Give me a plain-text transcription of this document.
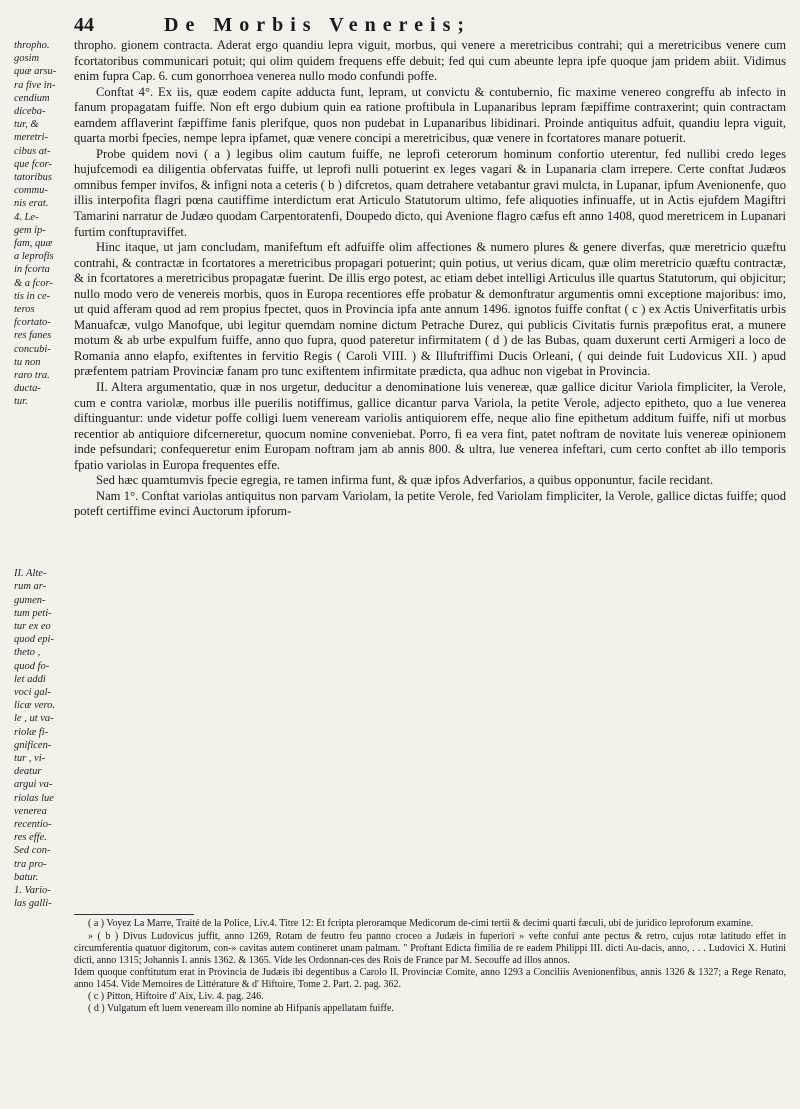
44	De Morbis Venereis;
thropho.
gosim
quæ arsu-
ra five in-
cendium
diceba-
tur, &
meretri-
cibus at-
que fcor-
tatoribus
commu-
nis erat.
4. Le-
gem ip-
fam, quæ
a leprofis
in fcorta
& a fcor-
tis in ce-
teros
fcortato-
res fanes
concubi-
tu non
raro tra.
ducta-
tur.

II. Alte-
rum ar-
gumen-
tum peti-
tur ex eo
quod epi-
theto ,
quod fo-
let addi
voci gal-
licæ vero.
le , ut va-
riolæ fi-
gnificen-
tur , vi-
deatur
argui va-
riolas lue
venerea
recentio-
res effe.
Sed con-
tra pro-
batur.
1. Vario-
las galli-

thropho. gionem contracta. Aderat ergo quandiu lepra viguit, morbus, qui venere a meretricibus contrahi; qui a meretricibus venere cum fcortatoribus communicari potuit; qui olim quidem frequens effe debuit; fed qui cum abeunte lepra ipfe quoque jam pridem abiit. Vidimus enim fupra Cap. 6. cum gonorrhoea venerea nullo modo confundi poffe.

Conftat 4°. Ex iis, quæ eodem capite adducta funt, lepram, ut convictu & contubernio, fic maxime venereo congreffu ab infecto in fanum propagatam fuiffe. Non eft ergo dubium quin ea ratione proftibula in Lupanaribus lepram fæpiffime contraxerint; quin contractam eamdem afflaverint fæpiffime fanis plerifque, quos non pudebat in Lupanaribus libidinari. Proinde antiquitus adfuit, quandiu lepra viguit, quarta morbi fpecies, nempe lepra ipfamet, quæ venere concipi a meretricibus, quæ venere in fcortatores manare potuerit.

Probe quidem novi ( a ) legibus olim cautum fuiffe, ne leprofi ceterorum hominum confortio uterentur, fed nullibi credo leges hujufcemodi ea diligentia obfervatas fuiffe, ut leprofi nulli potuerint ex leges vagari & in Lupanaria clam irrepere. Certe conftat Judæos omnibus femper invifos, & infigni nota a ceteris ( b ) difcretos, quam detrahere vetabantur gravi mulcta, in Lupanar, ipfum Avenionenfe, quo illis interpofita flagri pœna cautiffime interdictum erat Articulo Statutorum ultimo, fefe aliquoties infinuaffe, ut in Actis ejufdem Magiftri Tamarini narratur de Judæo quodam Carpentoratenfi, Doupedo dicto, qui Avenione flagro cæfus eft anno 1408, quod meretricem in Lupanari furtim conftupraviffet.

Hinc itaque, ut jam concludam, manifeftum eft adfuiffe olim affectiones & numero plures & genere diverfas, quæ meretricio quæftu contrahi, & contractæ in fcortatores a meretricibus propagari potuerint; quin potius, ut verius dicam, quæ olim meretricio quæftu contractæ, & in fcortatores a meretricibus propagatæ fuerint. De illis ergo potest, ac etiam debet intelligi Articulus ille quartus Statutorum, qui objicitur; nullo modo vero de venereis morbis, quos in Europa recentiores effe probatur & demonftratur argumentis omni exceptione majoribus: imo, ut quid afferam quod ad rem propius fpectet, quos in Provincia ipfa ante annum 1496. ignotos fuiffe conftat ( c ) ex Actis Univerfitatis urbis Manuafcæ, vulgo Manofque, ubi legitur quemdam nomine dictum Petrache Durez, qui publicis Civitatis furnis præpofitus erat, a munere motum & ab urbe expulfum fuiffe, anno quo fupra, quod pateretur infirmitatem ( d ) de las Bubas, quam duxerunt certi Armigeri a loco de Romania anno elapfo, exiftentes in fervitio Regis ( Caroli VIII. ) & Illuftriffimi Ducis Orleani, ( qui deinde fuit Ludovicus XII. ) apud præfentem patriam Provinciæ fanam pro tunc exiftentem infirmitate prædicta, qua adhuc non vigebat in Provincia.

II. Altera argumentatio, quæ in nos urgetur, deducitur a denominatione luis venereæ, quæ gallice dicitur Variola fimpliciter, la Verole, cum e contra variolæ, morbus ille puerilis notiffimus, gallice dicantur parva Variola, la petite Verole, adjecto epitheto, quo a lue venerea diftinguantur: unde videtur poffe colligi luem veneream variolis antiquiorem effe, neque alio fine epithetum additum fuiffe, nifi ut morbus recentior ab antiquiore difcerneretur, quocum nomine conveniebat. Porro, fi ea vera fint, patet noftram de novitate luis venereæ opinionem inde pefsundari; confequeretur enim Europam noftram jam ab annis 800. & ultra, lue venerea infeftari, cum certo conftet ab illo temporis fpatio variolas in Europa frequentes effe.

Sed hæc quamtumvis fpecie egregia, re tamen infirma funt, & quæ ipfos Adverfarios, a quibus opponuntur, facile recidant.

Nam 1°. Conftat variolas antiquitus non parvam Variolam, la petite Verole, fed Variolam fimpliciter, la Verole, gallice dictas fuiffe; quod poteft certiffime evinci Auctorum ipforum-

( a ) Voyez La Marre, Traité de la Police, Liv.4. Titre 12: Et fcripta pleroramque Medicorum de-cimi tertii & decimi quarti fæculi, ubi de juridico leproforum examine.

» ( b ) Divus Ludovicus juffit, anno 1269, Rotam de feutro feu panno croceo a Judæis in fuperiori » vefte confui ante pectus & retro, cujus rotæ latitudo effet in circumferentia quatuor digitorum, con-» cavitas autem contineret unam palmam. " Proftant Edicta fimilia de re eadem Philippi III. dicti Au-dacis, anno, . . . Ludovici X. Hutini dicti, anno 1315; Johannis I. annis 1362. & 1365. Vide les Ordonnan-ces des Rois de France par M. Secouffe ad illos annos.

Idem quoque conftitutum erat in Provincia de Judæis ibi degentibus a Carolo II. Provinciæ Comite, anno 1293 a Conciliis Avenionenfibus, annis 1326 & 1327; a Rege Renato, anno 1454. Vide Memoires de Littérature & d' Hiftoire, Tome 2. Part. 2. pag. 362.

( c ) Pitton, Hiftoire d' Aix, Liv. 4. pag. 246.

( d ) Vulgatum eft luem veneream illo nomine ab Hifpanis appellatam fuiffe.
